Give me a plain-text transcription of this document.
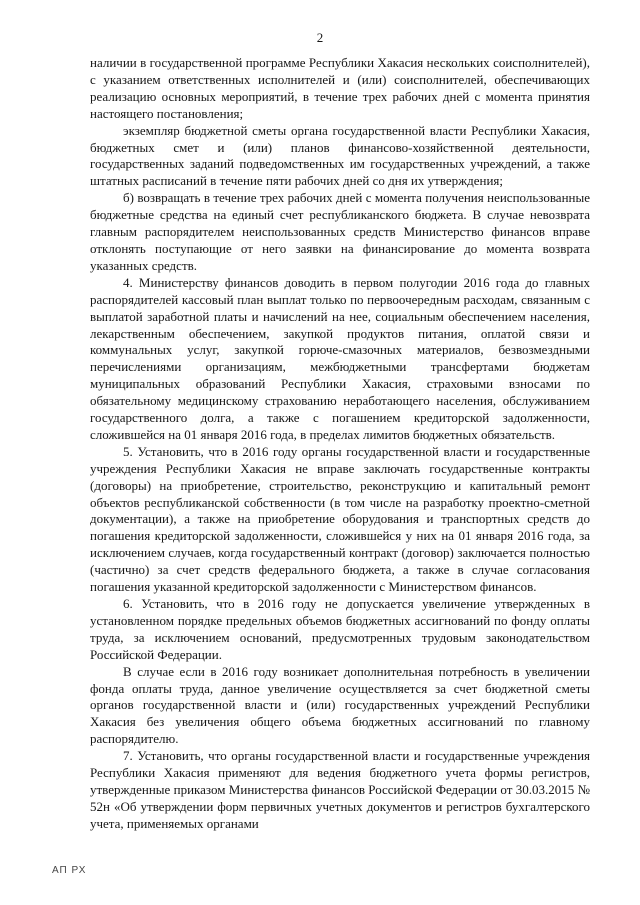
2

наличии в государственной программе Республики Хакасия нескольких соисполнителей), с указанием ответственных исполнителей и (или) соисполнителей, обеспечивающих реализацию основных мероприятий, в течение трех рабочих дней с момента принятия настоящего постановления;

экземпляр бюджетной сметы органа государственной власти Республики Хакасия, бюджетных смет и (или) планов финансово-хозяйственной деятельности, государственных заданий подведомственных им государственных учреждений, а также штатных расписаний в течение пяти рабочих дней со дня их утверждения;

б) возвращать в течение трех рабочих дней с момента получения неиспользованные бюджетные средства на единый счет республиканского бюджета. В случае невозврата главным распорядителем неиспользованных средств Министерство финансов вправе отклонять поступающие от него заявки на финансирование до момента возврата указанных средств.

4. Министерству финансов доводить в первом полугодии 2016 года до главных распорядителей кассовый план выплат только по первоочередным расходам, связанным с выплатой заработной платы и начислений на нее, социальным обеспечением населения, лекарственным обеспечением, закупкой продуктов питания, оплатой связи и коммунальных услуг, закупкой горюче-смазочных материалов, безвозмездными перечислениями организациям, межбюджетными трансфертами бюджетам муниципальных образований Республики Хакасия, страховыми взносами по обязательному медицинскому страхованию неработающего населения, обслуживанием государственного долга, а также с погашением кредиторской задолженности, сложившейся на 01 января 2016 года, в пределах лимитов бюджетных обязательств.

5. Установить, что в 2016 году органы государственной власти и государственные учреждения Республики Хакасия не вправе заключать государственные контракты (договоры) на приобретение, строительство, реконструкцию и капитальный ремонт объектов республиканской собственности (в том числе на разработку проектно-сметной документации), а также на приобретение оборудования и транспортных средств до погашения кредиторской задолженности, сложившейся у них на 01 января 2016 года, за исключением случаев, когда государственный контракт (договор) заключается полностью (частично) за счет средств федерального бюджета, а также в случае согласования погашения указанной кредиторской задолженности с Министерством финансов.

6. Установить, что в 2016 году не допускается увеличение утвержденных в установленном порядке предельных объемов бюджетных ассигнований по фонду оплаты труда, за исключением оснований, предусмотренных трудовым законодательством Российской Федерации.

В случае если в 2016 году возникает дополнительная потребность в увеличении фонда оплаты труда, данное увеличение осуществляется за счет бюджетной сметы органов государственной власти и (или) государственных учреждений Республики Хакасия без увеличения общего объема бюджетных ассигнований по главному распорядителю.

7. Установить, что органы государственной власти и государственные учреждения Республики Хакасия применяют для ведения бюджетного учета формы регистров, утвержденные приказом Министерства финансов Российской Федерации от 30.03.2015 № 52н «Об утверждении форм первичных учетных документов и регистров бухгалтерского учета, применяемых органами

АП РХ
